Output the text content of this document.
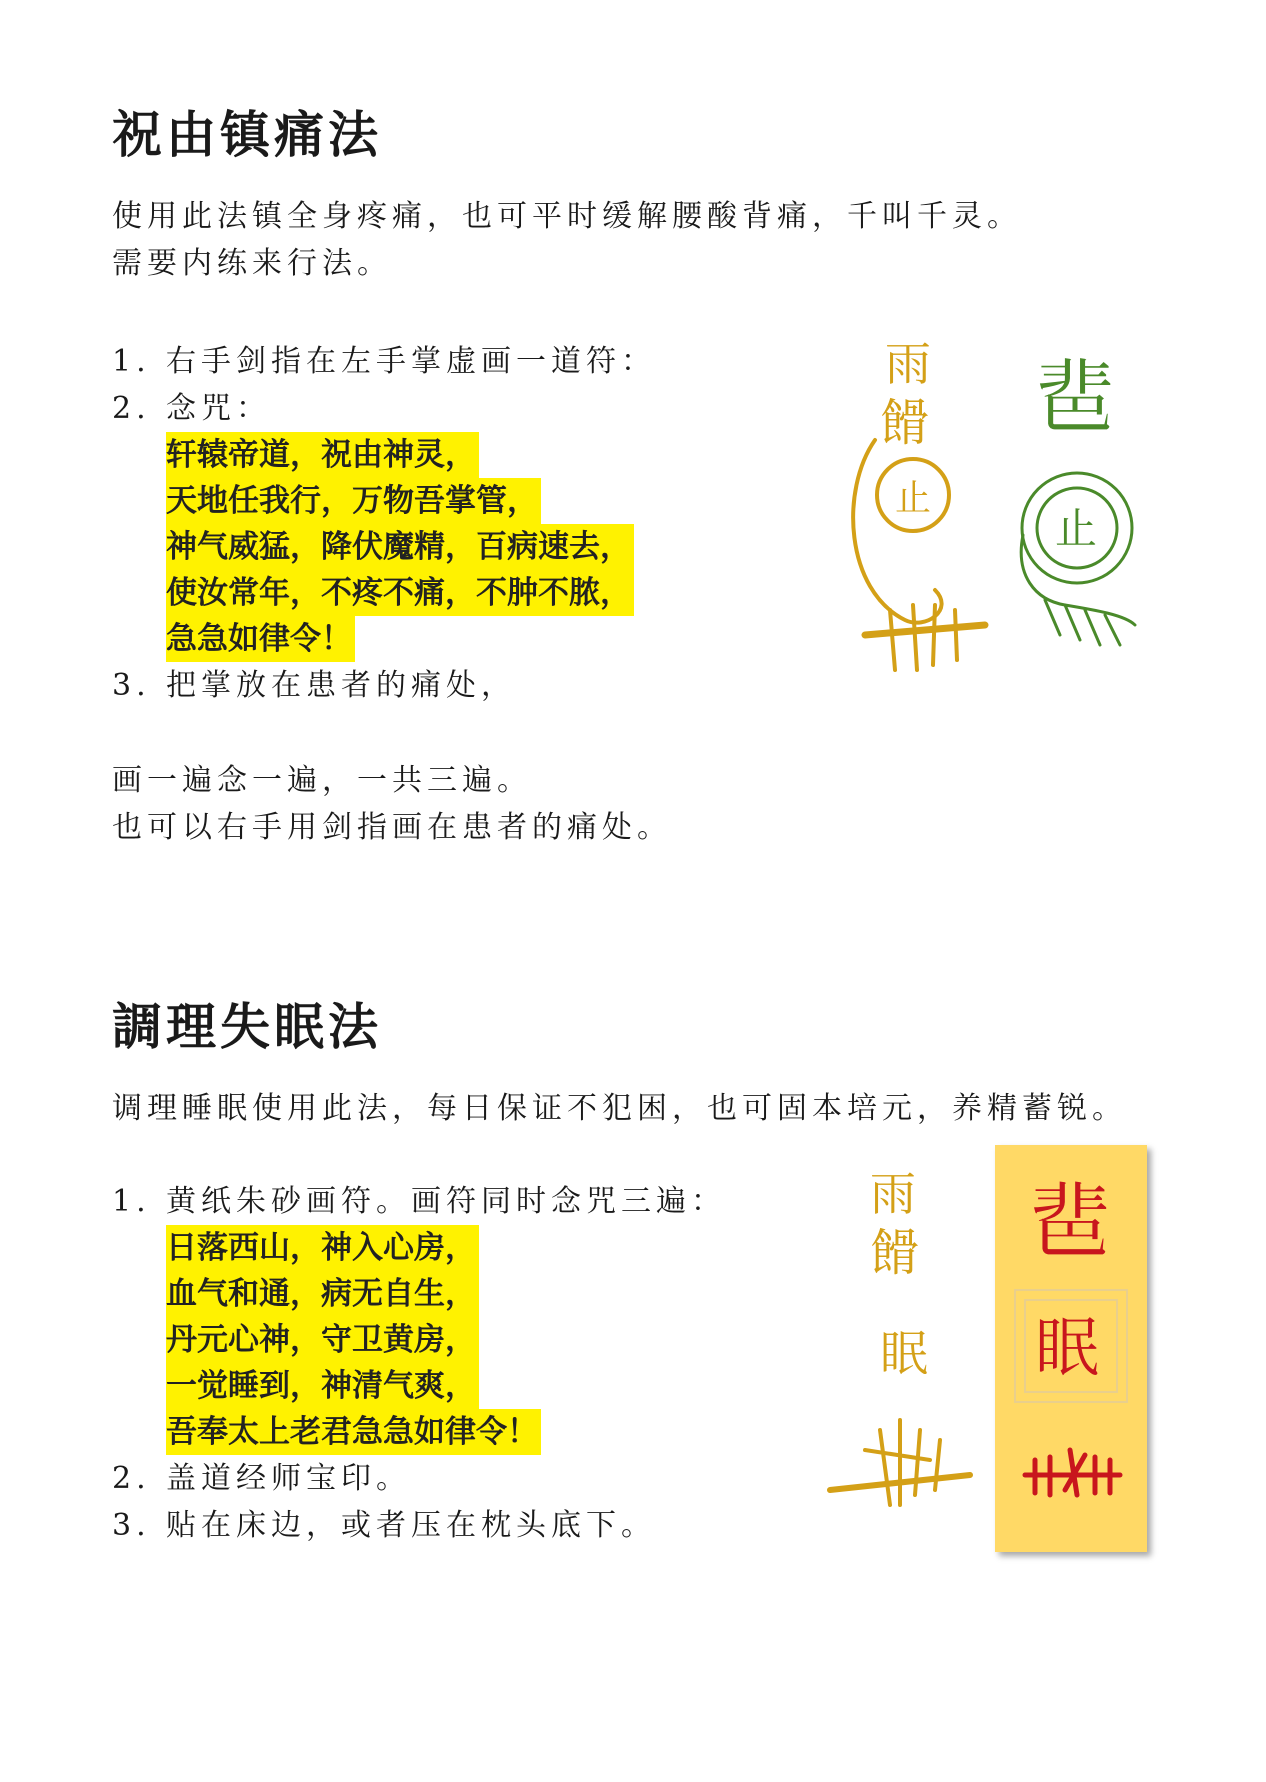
祝由镇痛法

使用此法镇全身疼痛，也可平时缓解腰酸背痛，千叫千灵。

需要内练来行法。

1. 右手剑指在左手掌虚画一道符：
2. 念咒：
轩辕帝道，祝由神灵，
天地任我行，万物吾掌管，
神气威猛，降伏魔精，百病速去，
使汝常年，不疼不痛，不肿不脓，
急急如律令！
3. 把掌放在患者的痛处，

画一遍念一遍，一共三遍。

也可以右手用剑指画在患者的痛处。

雨
餶
止
𩇯
止
調理失眠法

调理睡眠使用此法，每日保证不犯困，也可固本培元，养精蓄锐。

1. 黄纸朱砂画符。画符同时念咒三遍：
日落西山，神入心房，
血气和通，病无自生，
丹元心神，守卫黄房，
一觉睡到，神清气爽，
吾奉太上老君急急如律令！
2. 盖道经师宝印。
3. 贴在床边，或者压在枕头底下。
雨
餶
眠
𩇯
眠
